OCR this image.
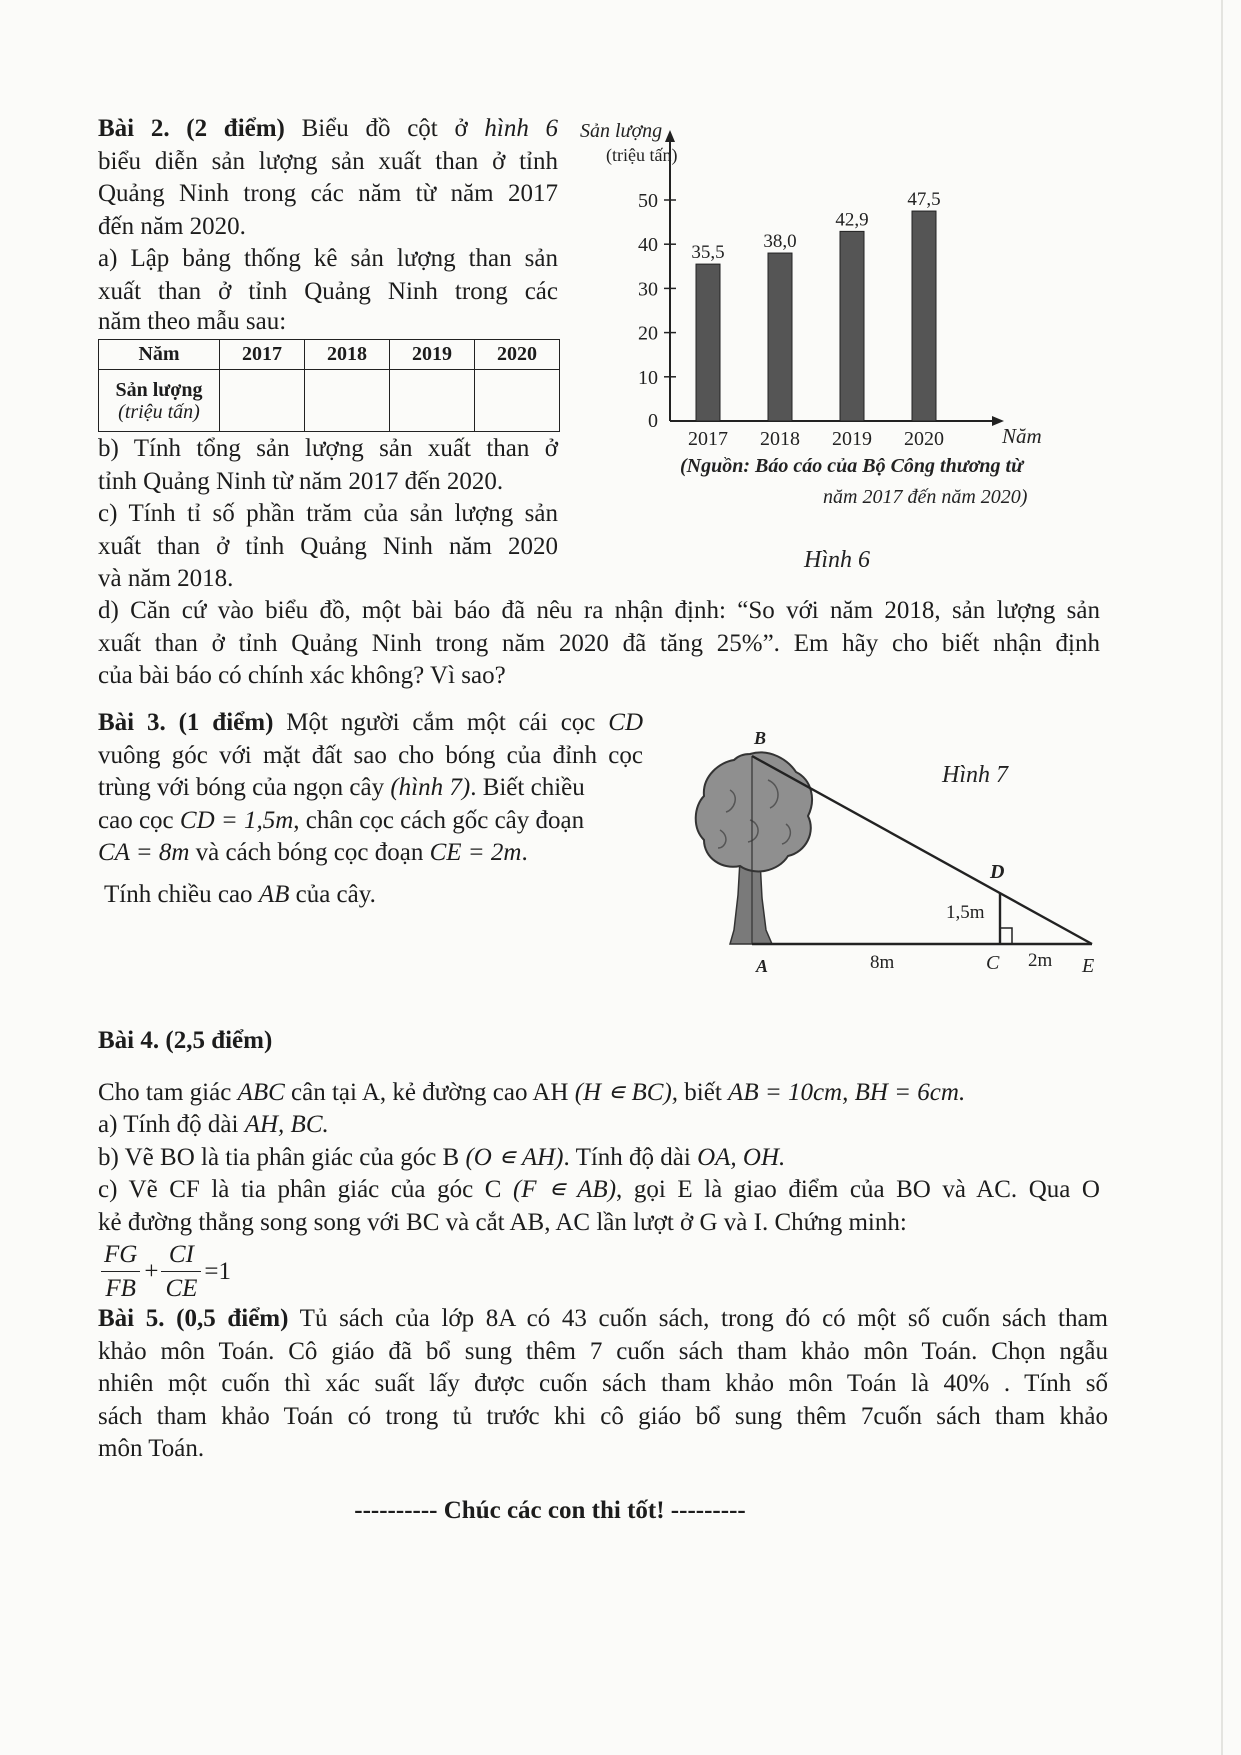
Bài 2. (2 điểm) Biểu đồ cột ở hình 6

biểu diễn sản lượng sản xuất than ở tỉnh

Quảng Ninh trong các năm từ năm 2017

đến năm 2020.

a) Lập bảng thống kê sản lượng than sản

xuất than ở tỉnh Quảng Ninh trong các

năm theo mẫu sau:

Năm	2017	2018	2019	2020
Sản lượng
(triệu tấn)				

b) Tính tổng sản lượng sản xuất than ở

tỉnh Quảng Ninh từ năm 2017 đến 2020.

c) Tính tỉ số phần trăm của sản lượng sản

xuất than ở tỉnh Quảng Ninh năm 2020

và năm 2018.

d) Căn cứ vào biểu đồ, một bài báo đã nêu ra nhận định: “So với năm 2018, sản lượng sản

xuất than ở tỉnh Quảng Ninh trong năm 2020 đã tăng 25%”. Em hãy cho biết nhận định

của bài báo có chính xác không? Vì sao?

0
10
20
30
40
50
35,5
2017
38,0
2018
42,9
2019
47,5
2020
Sản lượng
(triệu tấn)
Năm
(Nguồn: Báo cáo của Bộ Công thương từ
năm 2017 đến năm 2020)
Hình 6

Bài 3. (1 điểm) Một người cắm một cái cọc CD

vuông góc với mặt đất sao cho bóng của đỉnh cọc

trùng với bóng của ngọn cây (hình 7). Biết chiều

cao cọc CD = 1,5m, chân cọc cách gốc cây đoạn

CA = 8m và cách bóng cọc đoạn CE = 2m.

Tính chiều cao AB của cây.

B
D
A	C	E
1,5m
8m	2m
Hình 7

Bài 4. (2,5 điểm)

Cho tam giác ABC cân tại A, kẻ đường cao AH (H ∊ BC), biết AB = 10cm, BH = 6cm.

a) Tính độ dài AH, BC.

b) Vẽ BO là tia phân giác của góc B (O ∊ AH). Tính độ dài OA, OH.

c) Vẽ CF là tia phân giác của góc C (F ∊ AB), gọi E là giao điểm của BO và AC. Qua O

kẻ đường thẳng song song với BC và cắt AB, AC lần lượt ở G và I. Chứng minh:

FG
FB
+ $\frac{CI}{CE} =1$

Bài 5. (0,5 điểm) Tủ sách của lớp 8A có 43 cuốn sách, trong đó có một số cuốn sách tham

khảo môn Toán. Cô giáo đã bổ sung thêm 7 cuốn sách tham khảo môn Toán. Chọn ngẫu

nhiên một cuốn thì xác suất lấy được cuốn sách tham khảo môn Toán là 40% . Tính số

sách tham khảo Toán có trong tủ trước khi cô giáo bổ sung thêm 7cuốn sách tham khảo

môn Toán.

---------- Chúc các con thi tốt! ---------
